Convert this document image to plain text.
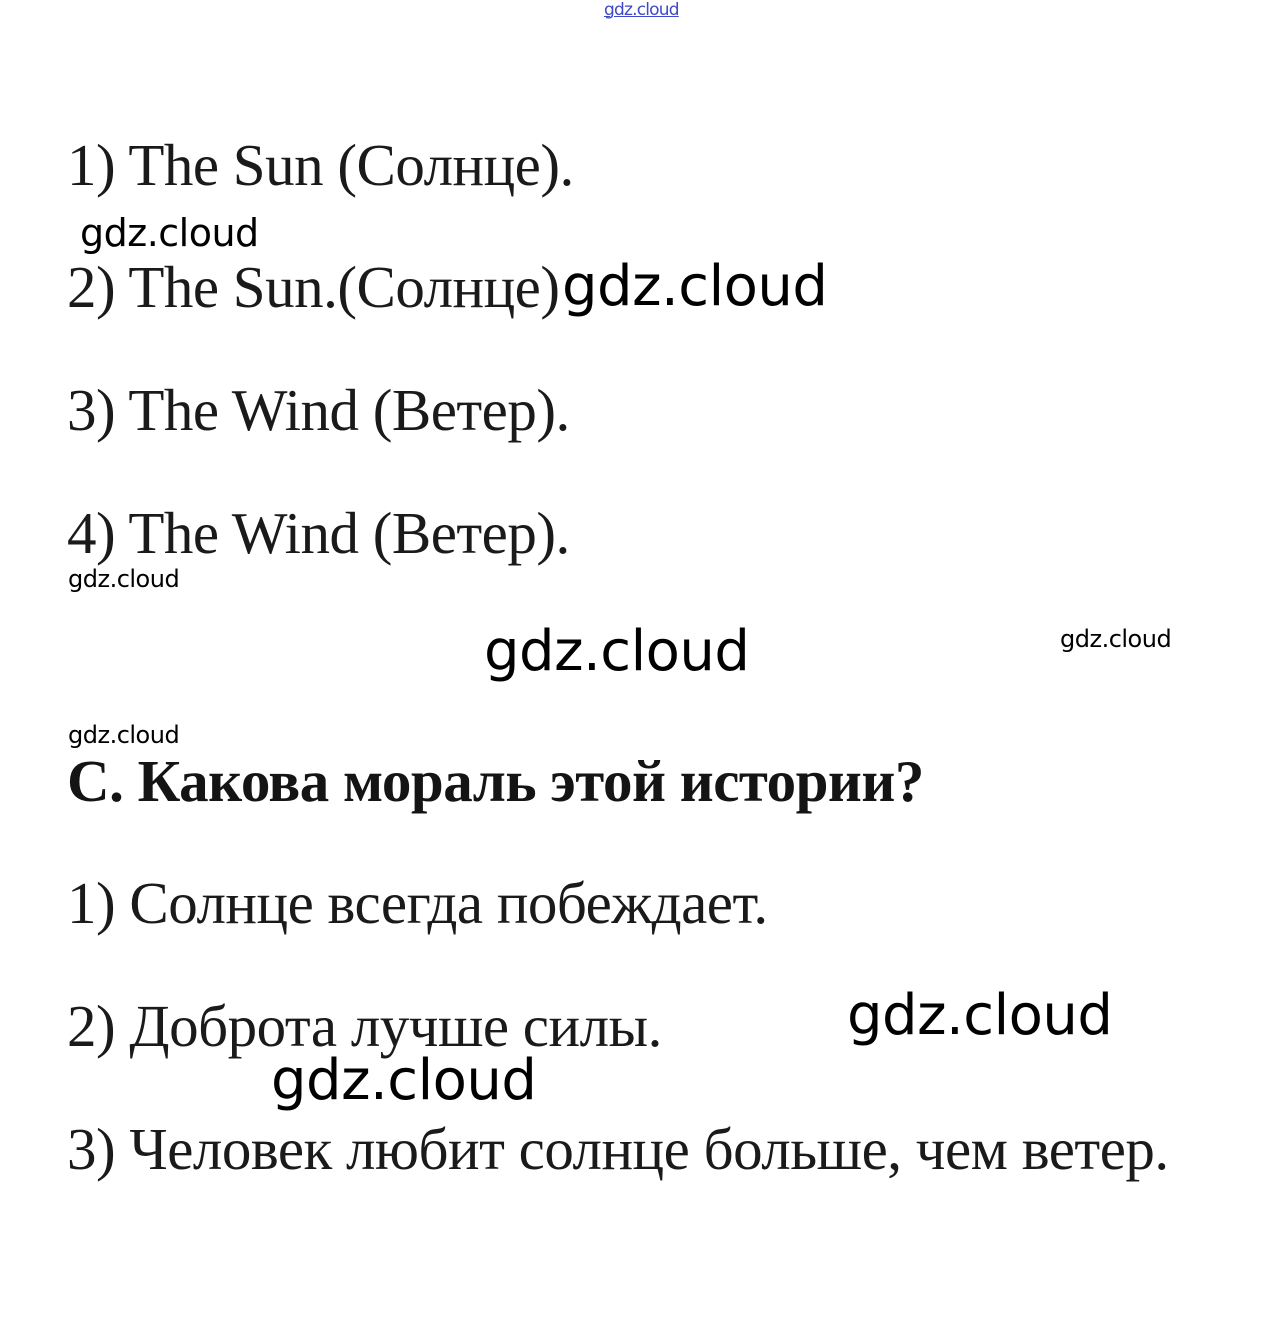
gdz.cloud

1) The Sun (Солнце).

2) The Sun.(Солнце)

3) The Wind (Ветер).

4) The Wind (Ветер).

C. Какова мораль этой истории?

1) Солнце всегда побеждает.

2) Доброта лучше силы.

3) Человек любит солнце больше, чем ветер.

gdz.cloud
gdz.cloud
gdz.cloud
gdz.cloud	gdz.cloud
gdz.cloud
gdz.cloud
gdz.cloud
